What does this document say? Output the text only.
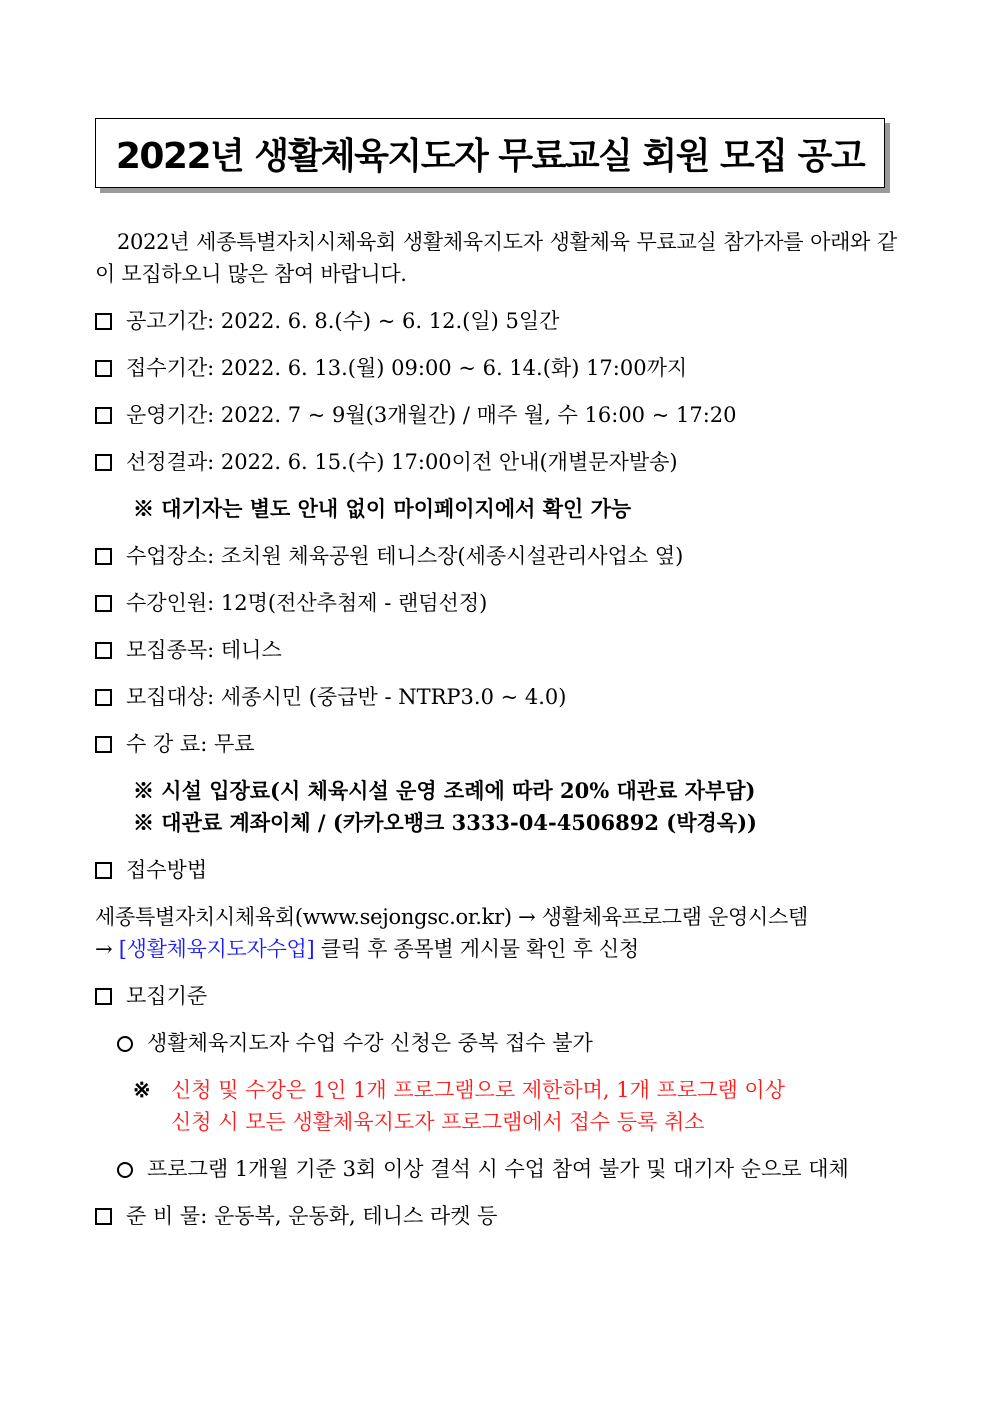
2022년 생활체육지도자 무료교실 회원 모집 공고
2022년 세종특별자치시체육회 생활체육지도자 생활체육 무료교실 참가자를 아래와 같이 모집하오니 많은 참여 바랍니다.
공고기간: 2022. 6. 8.(수) ~ 6. 12.(일) 5일간
접수기간: 2022. 6. 13.(월) 09:00 ~ 6. 14.(화) 17:00까지
운영기간: 2022. 7 ~ 9월(3개월간) / 매주 월, 수 16:00 ~ 17:20
선정결과: 2022. 6. 15.(수) 17:00이전 안내(개별문자발송)
※ 대기자는 별도 안내 없이 마이페이지에서 확인 가능
수업장소: 조치원 체육공원 테니스장(세종시설관리사업소 옆)
수강인원: 12명(전산추첨제 - 랜덤선정)
모집종목: 테니스
모집대상: 세종시민 (중급반 - NTRP3.0 ~ 4.0)
수 강 료: 무료
※ 시설 입장료(시 체육시설 운영 조례에 따라 20% 대관료 자부담)
※ 대관료 계좌이체 / (카카오뱅크 3333-04-4506892 (박경옥))
접수방법
세종특별자치시체육회(www.sejongsc.or.kr) → 생활체육프로그램 운영시스템
→ [생활체육지도자수업] 클릭 후 종목별 게시물 확인 후 신청
모집기준
생활체육지도자 수업 수강 신청은 중복 접수 불가
※ 신청 및 수강은 1인 1개 프로그램으로 제한하며, 1개 프로그램 이상
신청 시 모든 생활체육지도자 프로그램에서 접수 등록 취소
프로그램 1개월 기준 3회 이상 결석 시 수업 참여 불가 및 대기자 순으로 대체
준 비 물: 운동복, 운동화, 테니스 라켓 등
